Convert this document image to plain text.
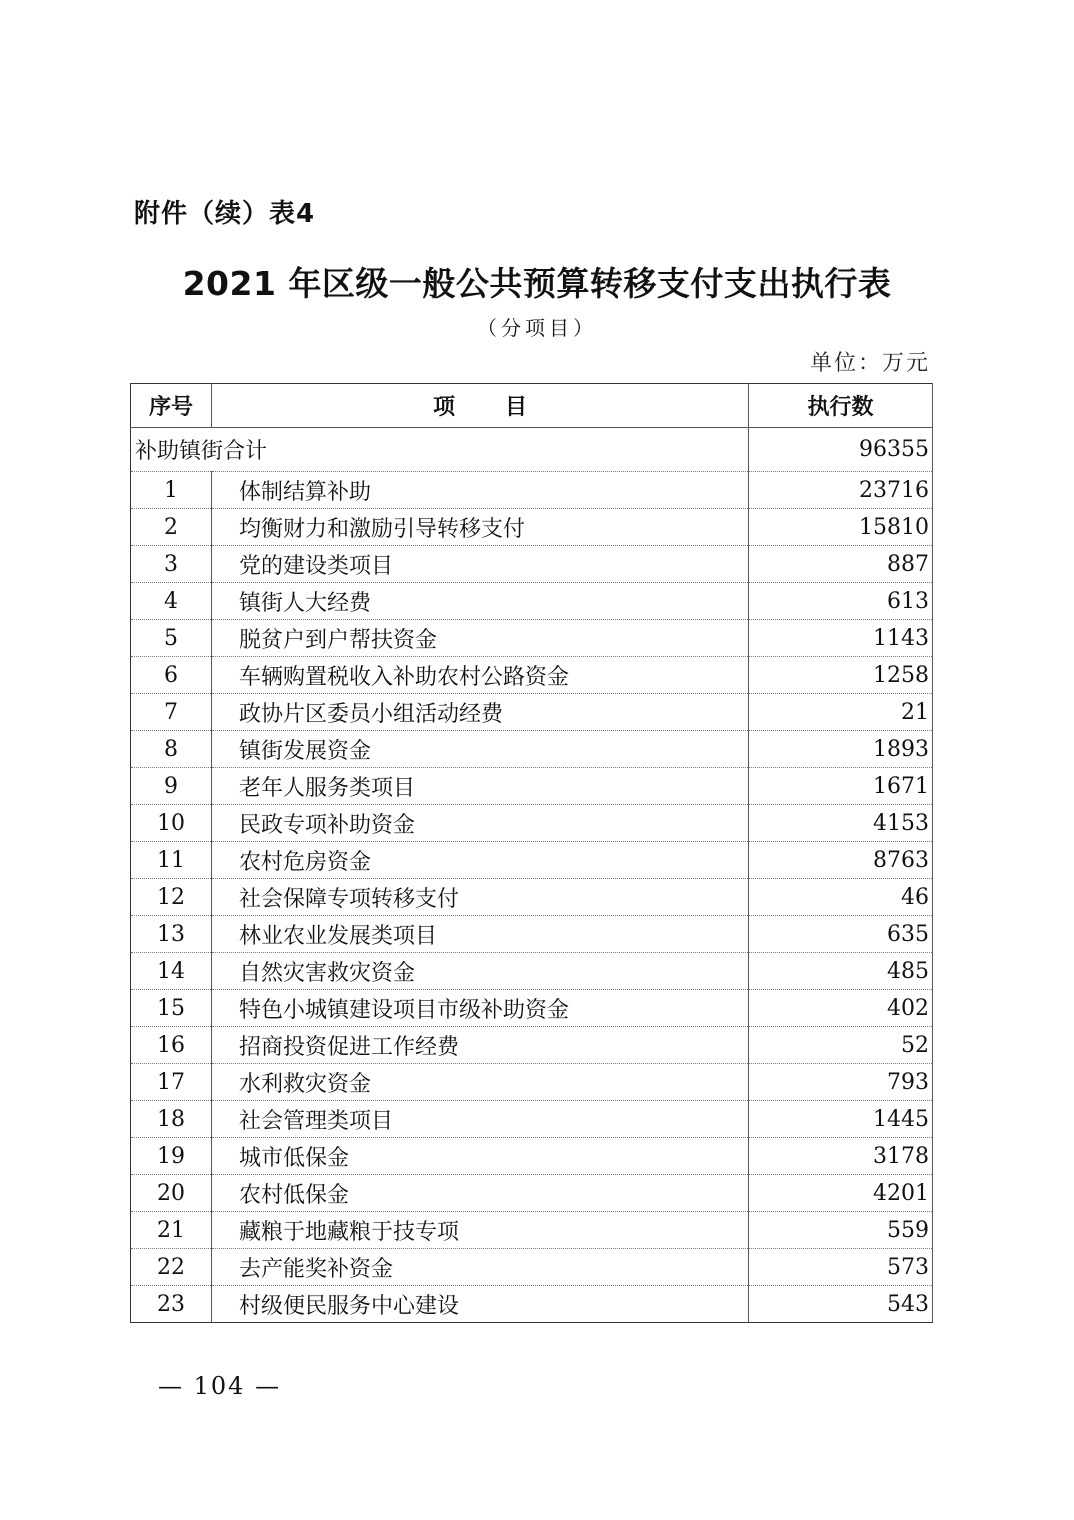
附件（续）表4
2021 年区级一般公共预算转移支付支出执行表
（分项目）
单位：万元
序号	项目	执行数
补助镇街合计		96355
1	体制结算补助	23716
2	均衡财力和激励引导转移支付	15810
3	党的建设类项目	887
4	镇街人大经费	613
5	脱贫户到户帮扶资金	1143
6	车辆购置税收入补助农村公路资金	1258
7	政协片区委员小组活动经费	21
8	镇街发展资金	1893
9	老年人服务类项目	1671
10	民政专项补助资金	4153
11	农村危房资金	8763
12	社会保障专项转移支付	46
13	林业农业发展类项目	635
14	自然灾害救灾资金	485
15	特色小城镇建设项目市级补助资金	402
16	招商投资促进工作经费	52
17	水利救灾资金	793
18	社会管理类项目	1445
19	城市低保金	3178
20	农村低保金	4201
21	藏粮于地藏粮于技专项	559
22	去产能奖补资金	573
23	村级便民服务中心建设	543
— 104 —
